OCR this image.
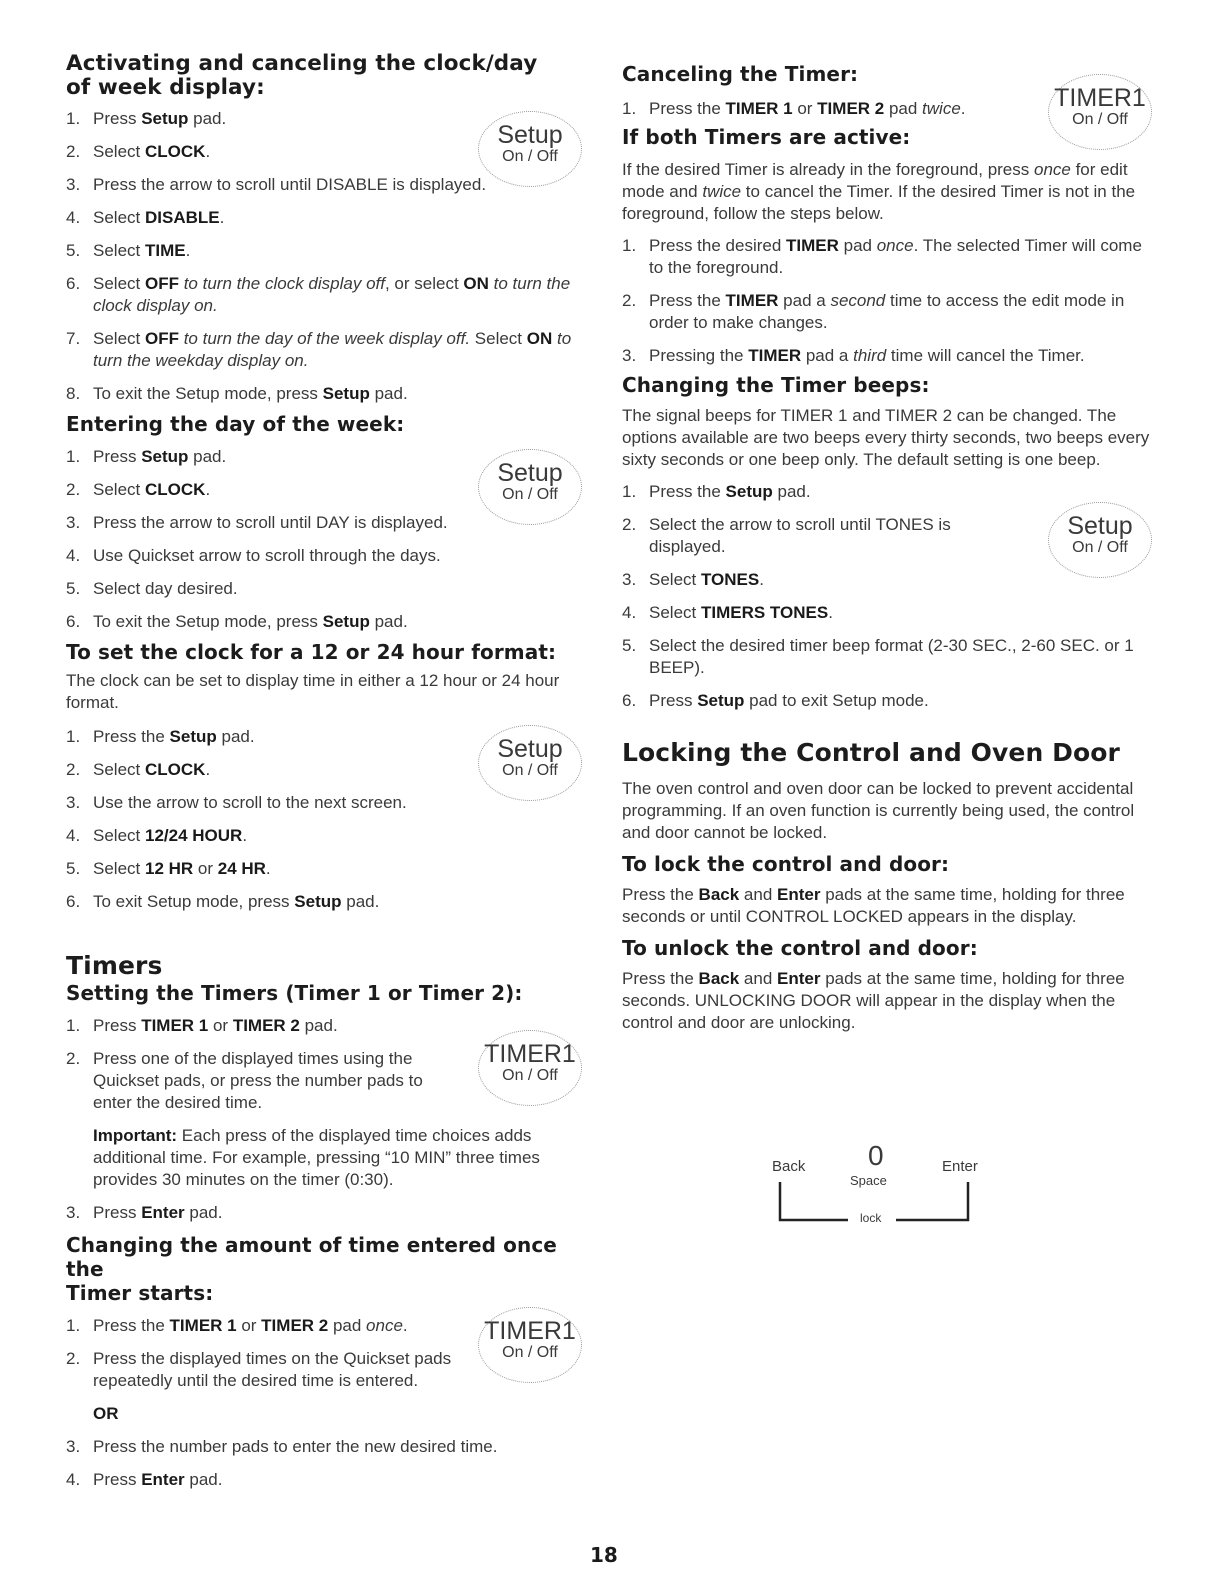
Activating and canceling the clock/day
of week display:
1. Press Setup pad.
2. Select CLOCK.
3. Press the arrow to scroll until DISABLE is displayed.
4. Select DISABLE.
5. Select TIME.
6. Select OFF to turn the clock display off, or select ON to turn the clock display on.
7. Select OFF to turn the day of the week display off. Select ON to turn the weekday display on.
8. To exit the Setup mode, press Setup pad.
Entering the day of the week:
1. Press Setup pad.
2. Select CLOCK.
3. Press the arrow to scroll until DAY is displayed.
4. Use Quickset arrow to scroll through the days.
5. Select day desired.
6. To exit the Setup mode, press Setup pad.
To set the clock for a 12 or 24 hour format:

The clock can be set to display time in either a 12 hour or 24 hour format.

1. Press the Setup pad.
2. Select CLOCK.
3. Use the arrow to scroll to the next screen.
4. Select 12/24 HOUR.
5. Select 12 HR or 24 HR.
6. To exit Setup mode, press Setup pad.
Timers
Setting the Timers (Timer 1 or Timer 2):
1. Press TIMER 1 or TIMER 2 pad.
2. Press one of the displayed times using the Quickset pads, or press the number pads to enter the desired time.

Important: Each press of the displayed time choices adds additional time. For example, pressing “10 MIN” three times provides 30 minutes on the timer (0:30).

3. Press Enter pad.
Changing the amount of time entered once the
Timer starts:
1. Press the TIMER 1 or TIMER 2 pad once.
2. Press the displayed times on the Quickset pads repeatedly until the desired time is entered.

OR

3. Press the number pads to enter the new desired time.
4. Press Enter pad.
Canceling the Timer:
1. Press the TIMER 1 or TIMER 2 pad twice.
If both Timers are active:

If the desired Timer is already in the foreground, press once for edit mode and twice to cancel the Timer. If the desired Timer is not in the foreground, follow the steps below.

1. Press the desired TIMER pad once. The selected Timer will come to the foreground.
2. Press the TIMER pad a second time to access the edit mode in order to make changes.
3. Pressing the TIMER pad a third time will cancel the Timer.
Changing the Timer beeps:

The signal beeps for TIMER 1 and TIMER 2 can be changed. The options available are two beeps every thirty seconds, two beeps every sixty seconds or one beep only. The default setting is one beep.

1. Press the Setup pad.
2. Select the arrow to scroll until TONES is displayed.
3. Select TONES.
4. Select TIMERS TONES.
5. Select the desired timer beep format (2-30 SEC., 2-60 SEC. or 1 BEEP).
6. Press Setup pad to exit Setup mode.
Locking the Control and Oven Door

The oven control and oven door can be locked to prevent accidental programming. If an oven function is currently being used, the control and door cannot be locked.

To lock the control and door:

Press the Back and Enter pads at the same time, holding for three seconds or until CONTROL LOCKED appears in the display.

To unlock the control and door:

Press the Back and Enter pads at the same time, holding for three seconds. UNLOCKING DOOR will appear in the display when the control and door are unlocking.

Setup
On / Off
Setup
On / Off
Setup
On / Off
TIMER1
On / Off
TIMER1
On / Off
TIMER1
On / Off
Setup
On / Off
Back 0	Enter
Space
lock
18
